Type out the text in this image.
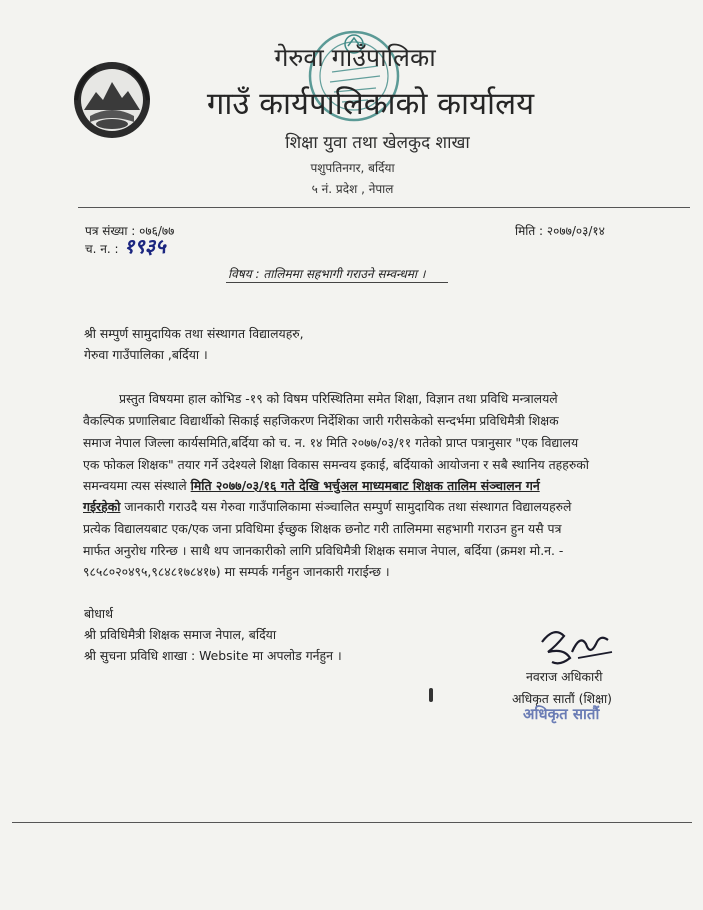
गेरुवा गाउँपालिका
गाउँ कार्यपालिकाको कार्यालय
शिक्षा युवा तथा खेलकुद शाखा
पशुपतिनगर, बर्दिया
५ नं. प्रदेश , नेपाल
पत्र संख्या : ०७६/७७
च. न. : १९३५
मिति : २०७७/०३/१४
विषय : तालिममा सहभागी गराउने सम्वन्धमा ।
श्री सम्पुर्ण सामुदायिक तथा संस्थागत विद्यालयहरु,
गेरुवा गाउँपालिका ,बर्दिया ।
प्रस्तुत विषयमा हाल कोभिड -१९ को विषम परिस्थितिमा समेत शिक्षा, विज्ञान तथा प्रविधि मन्त्रालयले
वैकल्पिक प्रणालिबाट विद्यार्थीको सिकाई सहजिकरण निर्देशिका जारी गरीसकेको सन्दर्भमा प्रविधिमैत्री शिक्षक
समाज नेपाल जिल्ला कार्यसमिति,बर्दिया को च. न. १४ मिति २०७७/०३/११ गतेको प्राप्त पत्रानुसार "एक विद्यालय
एक फोकल शिक्षक" तयार गर्ने उदेश्यले शिक्षा विकास समन्वय इकाई, बर्दियाको आयोजना र सबै स्थानिय तहहरुको
समन्वयमा त्यस संस्थाले मिति २०७७/०३/१६ गते देखि भर्चुअल माध्यमबाट शिक्षक तालिम संञ्चालन गर्न
गईरहेको जानकारी गराउदै यस गेरुवा गाउँपालिकामा संञ्चालित सम्पुर्ण सामुदायिक तथा संस्थागत विद्यालयहरुले
प्रत्येक विद्यालयबाट एक/एक जना प्रविधिमा ईच्छुक शिक्षक छनोट गरी तालिममा सहभागी गराउन हुन यसै पत्र
मार्फत अनुरोध गरिन्छ । साथै थप जानकारीको लागि प्रविधिमैत्री शिक्षक समाज नेपाल, बर्दिया (क्रमश मो.न. -
९८५८०२०४९५,९८४८१७८४१७) मा सम्पर्क गर्नहुन जानकारी गराईन्छ ।
बोधार्थ
श्री प्रविधिमैत्री शिक्षक समाज नेपाल, बर्दिया
श्री सुचना प्रविधि शाखा : Website मा अपलोड गर्नहुन ।
नवराज अधिकारी
अधिकृत सातौं (शिक्षा)
अधिकृत सातौं
